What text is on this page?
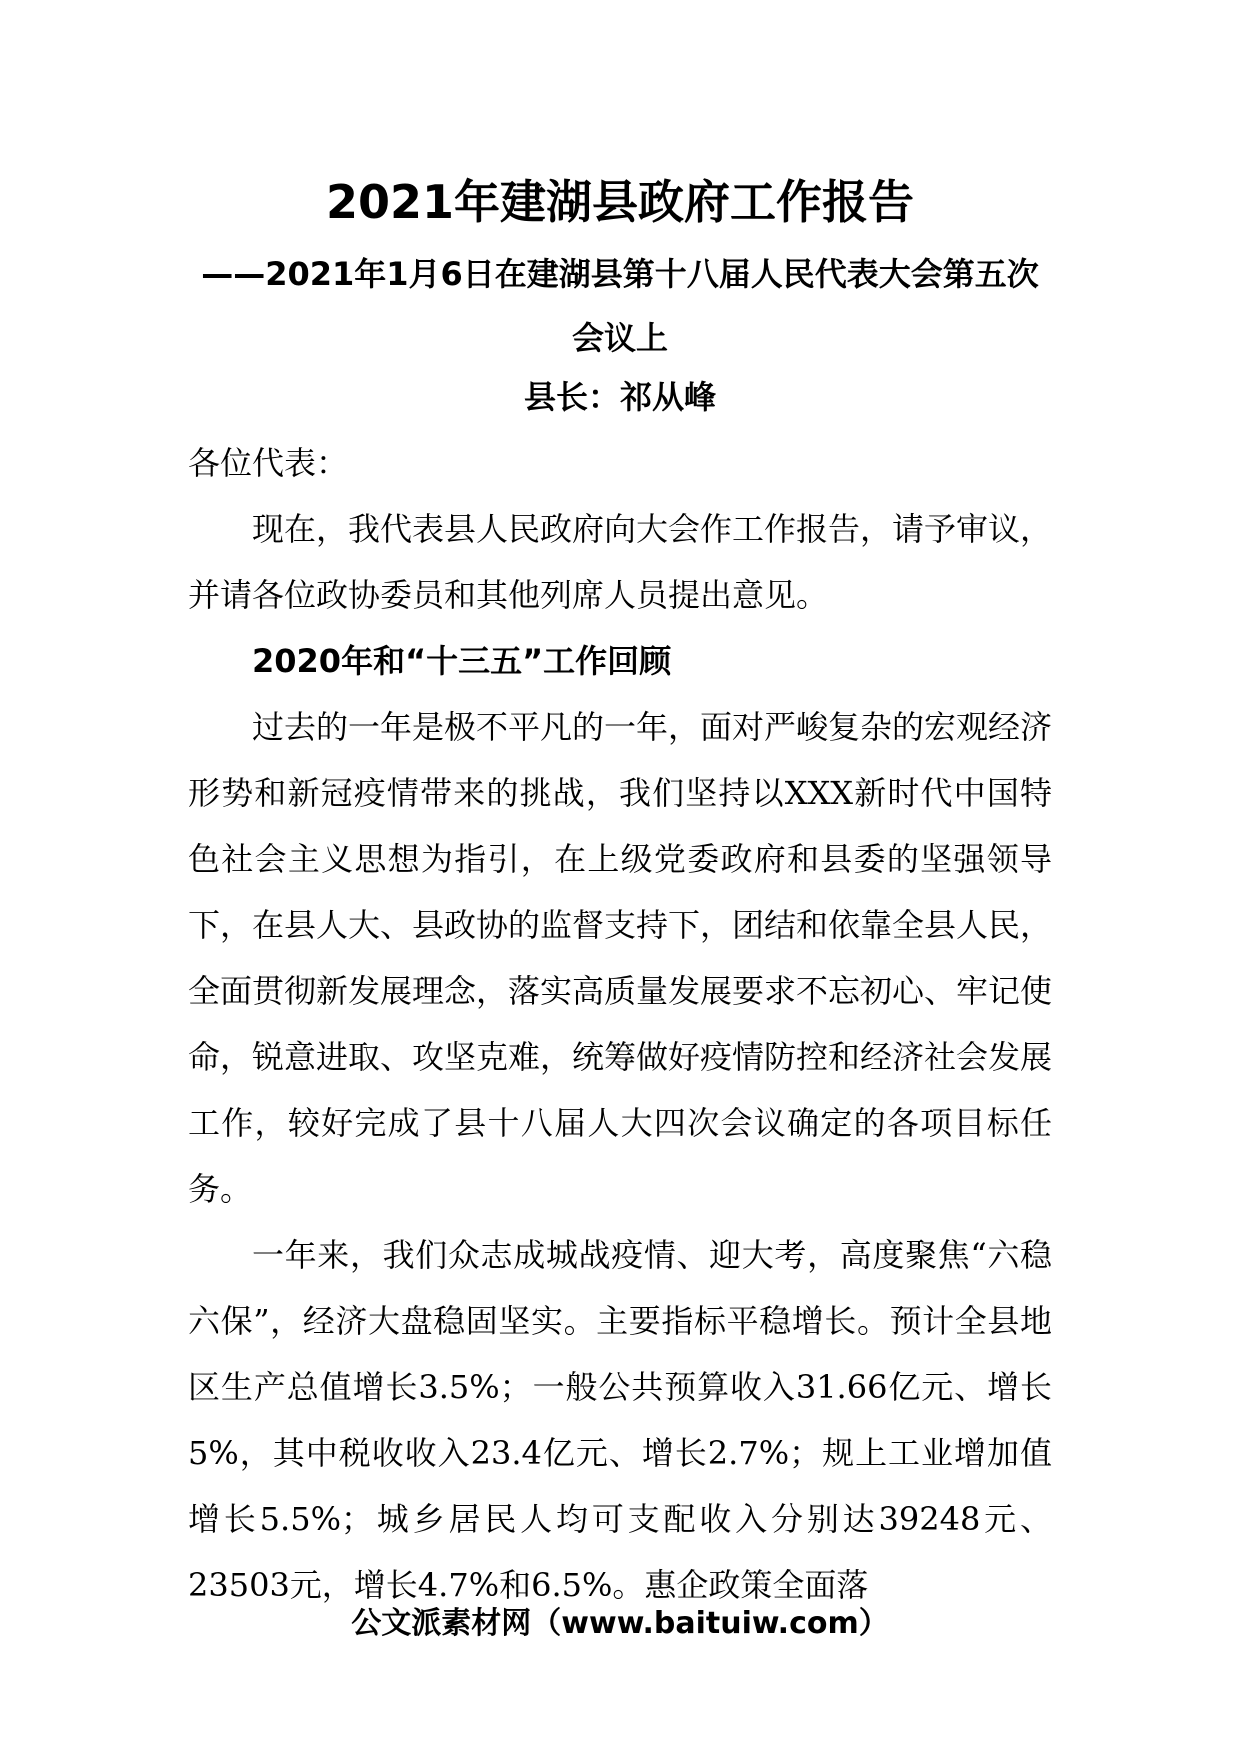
2021年建湖县政府工作报告
——2021年1月6日在建湖县第十八届人民代表大会第五次会议上
县长：祁从峰

各位代表：

现在，我代表县人民政府向大会作工作报告，请予审议，并请各位政协委员和其他列席人员提出意见。

2020年和“十三五”工作回顾

过去的一年是极不平凡的一年，面对严峻复杂的宏观经济形势和新冠疫情带来的挑战，我们坚持以XXX新时代中国特色社会主义思想为指引，在上级党委政府和县委的坚强领导下，在县人大、县政协的监督支持下，团结和依靠全县人民，全面贯彻新发展理念，落实高质量发展要求不忘初心、牢记使命，锐意进取、攻坚克难，统筹做好疫情防控和经济社会发展工作，较好完成了县十八届人大四次会议确定的各项目标任务。

一年来，我们众志成城战疫情、迎大考，高度聚焦“六稳六保”，经济大盘稳固坚实。主要指标平稳增长。预计全县地区生产总值增长3.5%；一般公共预算收入31.66亿元、增长5%，其中税收收入23.4亿元、增长2.7%；规上工业增加值增长5.5%；城乡居民人均可支配收入分别达39248元、23503元，增长4.7%和6.5%。惠企政策全面落

公文派素材网（www.baituiw.com）
